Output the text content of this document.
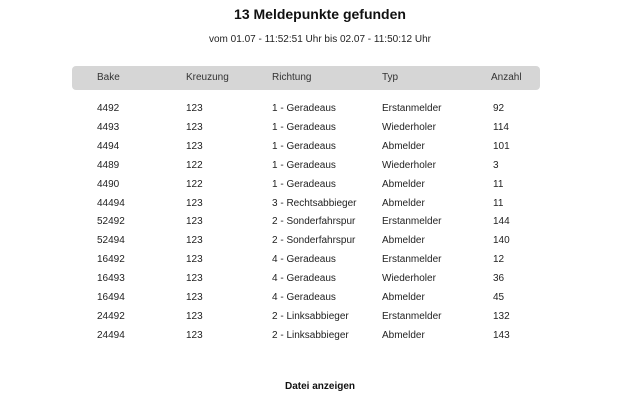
13 Meldepunkte gefunden
vom 01.07 - 11:52:51 Uhr bis 02.07 - 11:50:12 Uhr
Bake	Kreuzung	Richtung	Typ	Anzahl
4492	123	1 - Geradeaus	Erstanmelder	92
4493	123	1 - Geradeaus	Wiederholer	114
4494	123	1 - Geradeaus	Abmelder	101
4489	122	1 - Geradeaus	Wiederholer	3
4490	122	1 - Geradeaus	Abmelder	11
44494	123	3 - Rechtsabbieger	Abmelder	11
52492	123	2 - Sonderfahrspur	Erstanmelder	144
52494	123	2 - Sonderfahrspur	Abmelder	140
16492	123	4 - Geradeaus	Erstanmelder	12
16493	123	4 - Geradeaus	Wiederholer	36
16494	123	4 - Geradeaus	Abmelder	45
24492	123	2 - Linksabbieger	Erstanmelder	132
24494	123	2 - Linksabbieger	Abmelder	143
Datei anzeigen
